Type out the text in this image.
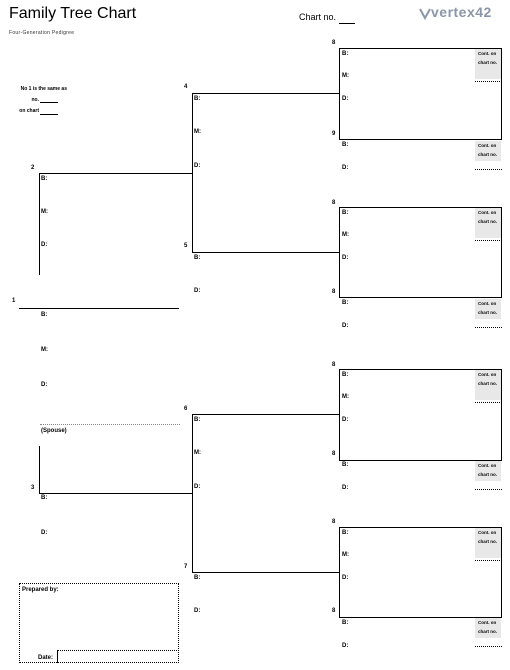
Family Tree Chart
Four-Generation Pedigree
Chart no.	vertex42
No 1 is the same as
no.
on chart
1
B:
M:
D:
(Spouse)
2
B:
M:
D:
3
B:
D:
4
B:
M:
D:
5
B:
D:
6
B:
M:
D:
7
B:
D:
8
B:
M:
D:
Cont. on
chart no.
9
B:
D:
Cont. on
chart no.
8
B:
M:
D:
Cont. on
chart no.
8
B:
D:
Cont. on
chart no.
8
B:
M:
D:
Cont. on
chart no.
8
B:
D:
Cont. on
chart no.
8
B:
M:
D:
Cont. on
chart no.
8
B:
D:
Cont. on
chart no.
Prepared by:
Date:
